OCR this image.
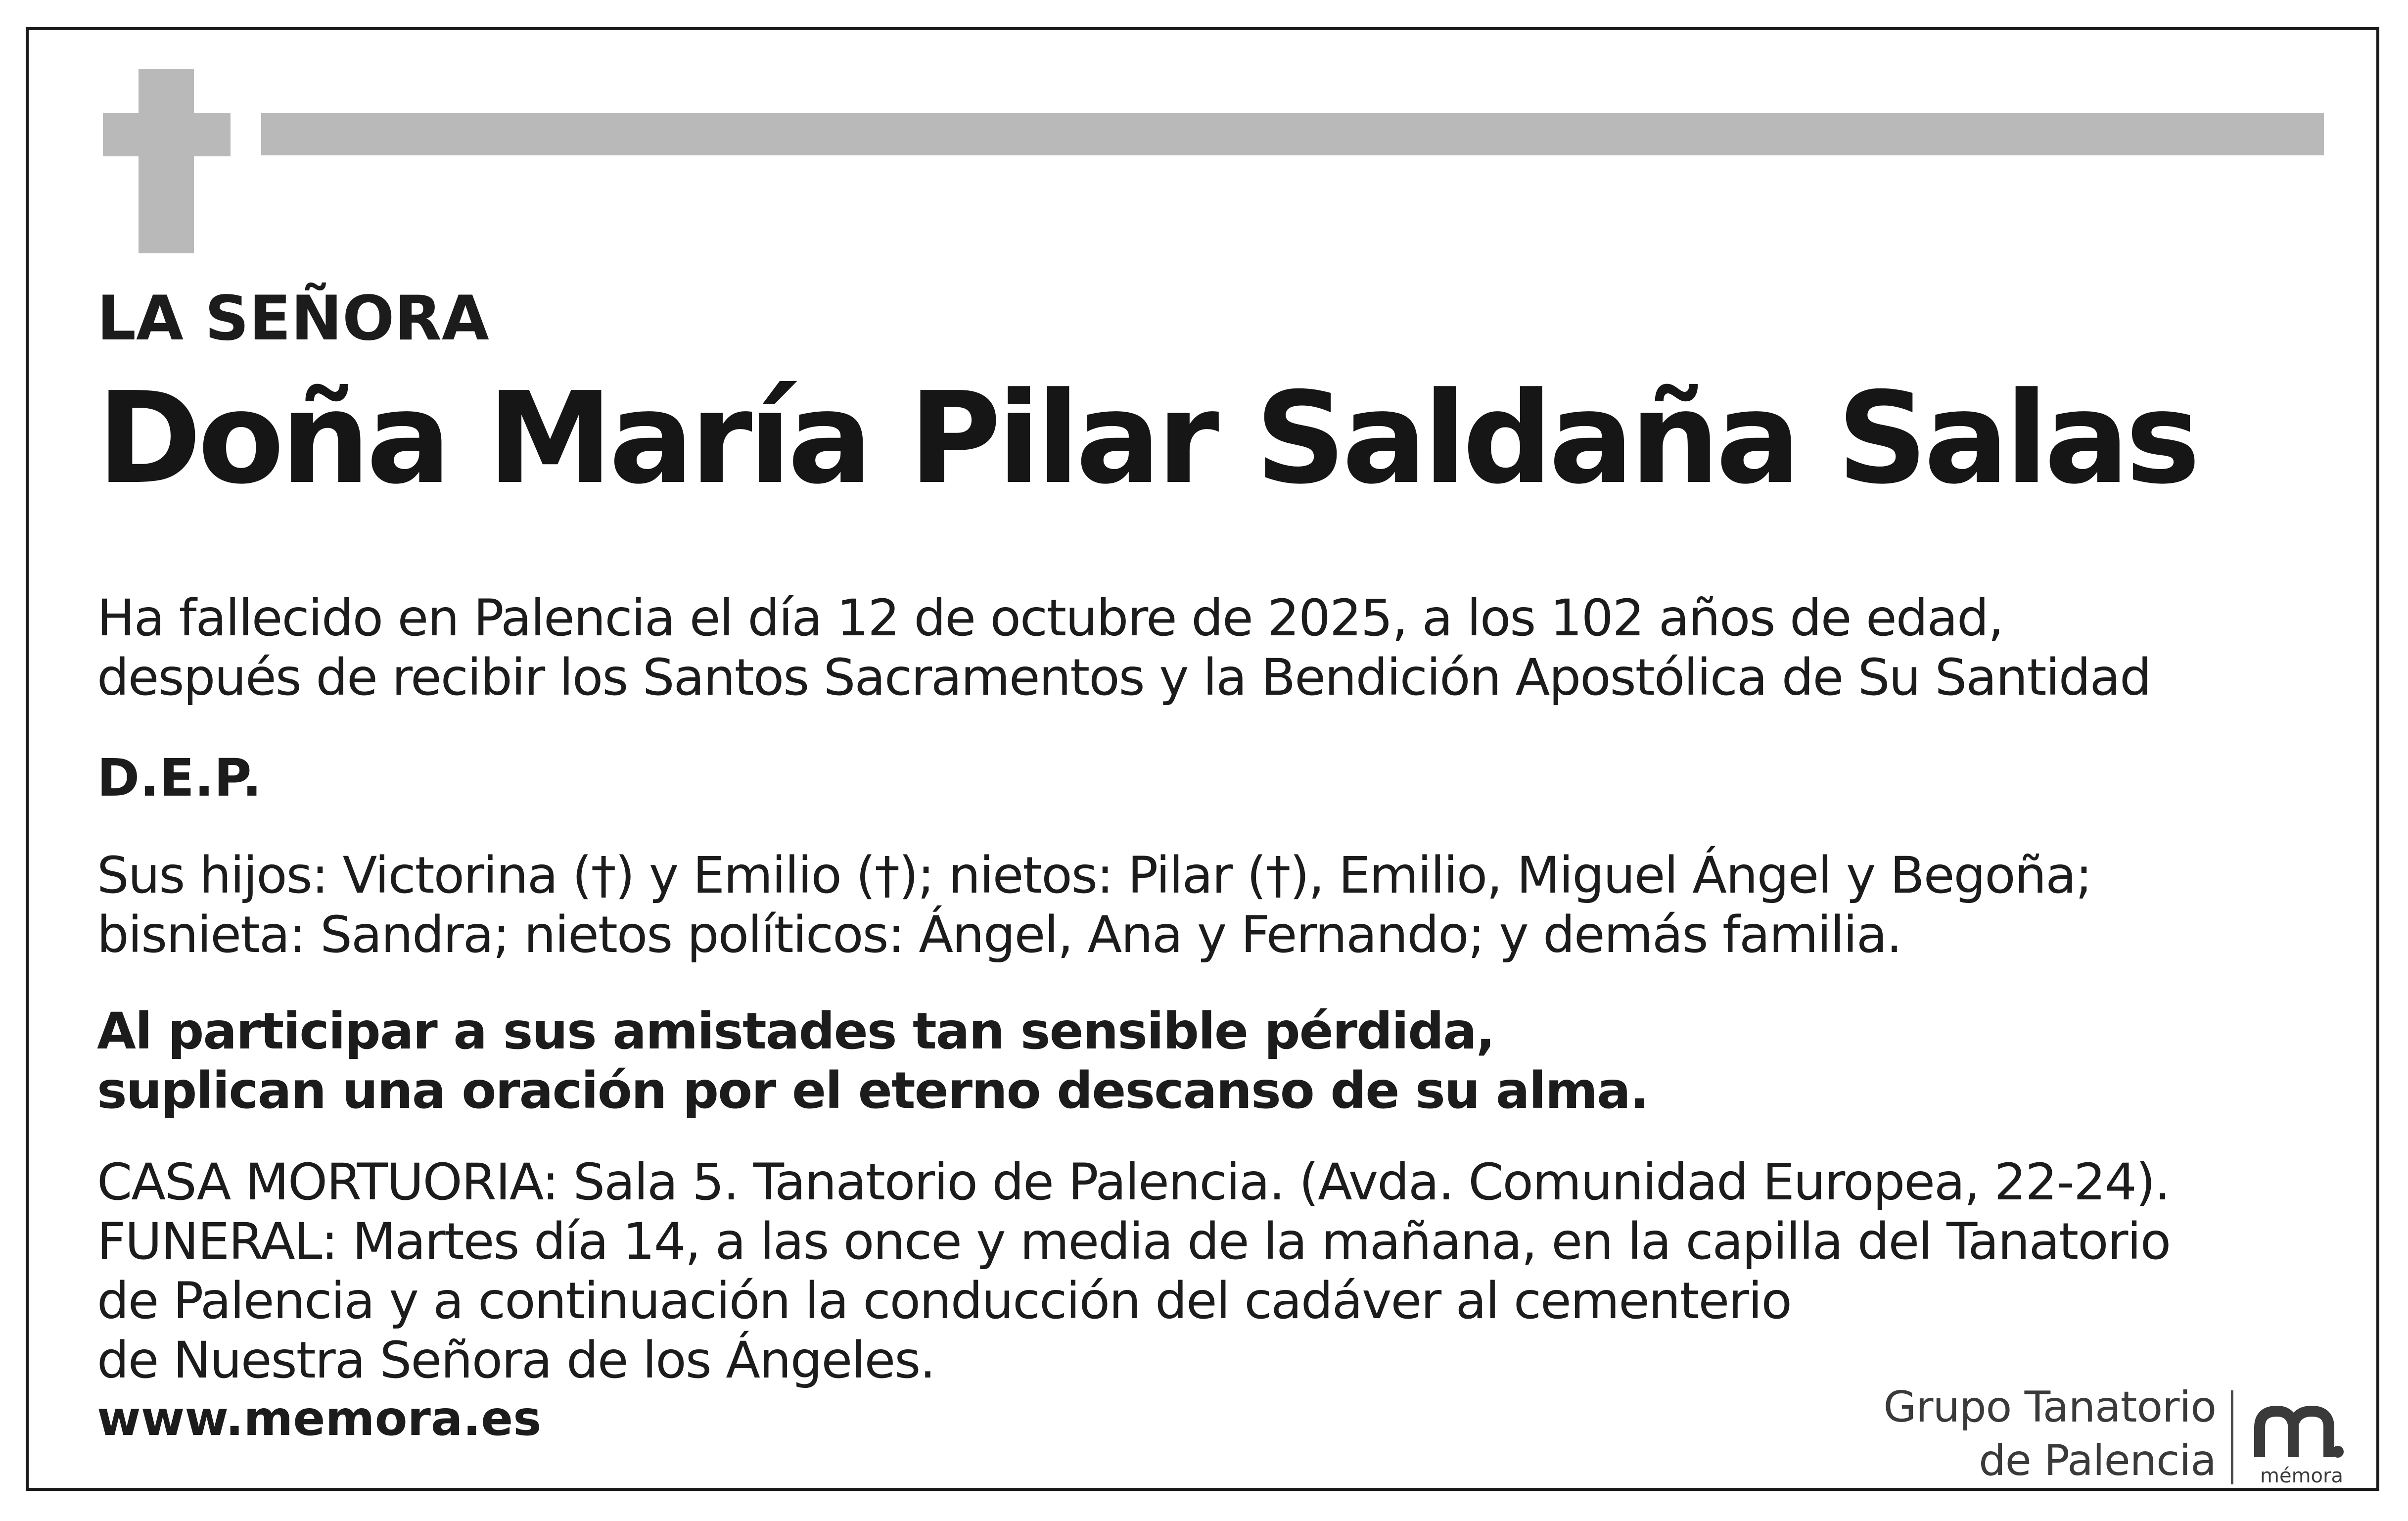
LA SEÑORA
Doña María Pilar Saldaña Salas
Ha fallecido en Palencia el día 12 de octubre de 2025, a los 102 años de edad,
después de recibir los Santos Sacramentos y la Bendición Apostólica de Su Santidad
D.E.P.
Sus hijos: Victorina (†) y Emilio (†); nietos: Pilar (†), Emilio, Miguel Ángel y Begoña;
bisnieta: Sandra; nietos políticos: Ángel, Ana y Fernando; y demás familia.
Al participar a sus amistades tan sensible pérdida,
suplican una oración por el eterno descanso de su alma.
CASA MORTUORIA: Sala 5. Tanatorio de Palencia. (Avda. Comunidad Europea, 22-24).
FUNERAL: Martes día 14, a las once y media de la mañana, en la capilla del Tanatorio
de Palencia y a continuación la conducción del cadáver al cementerio
de Nuestra Señora de los Ángeles.
www.memora.es	Grupo Tanatorio
de Palencia	mémora
